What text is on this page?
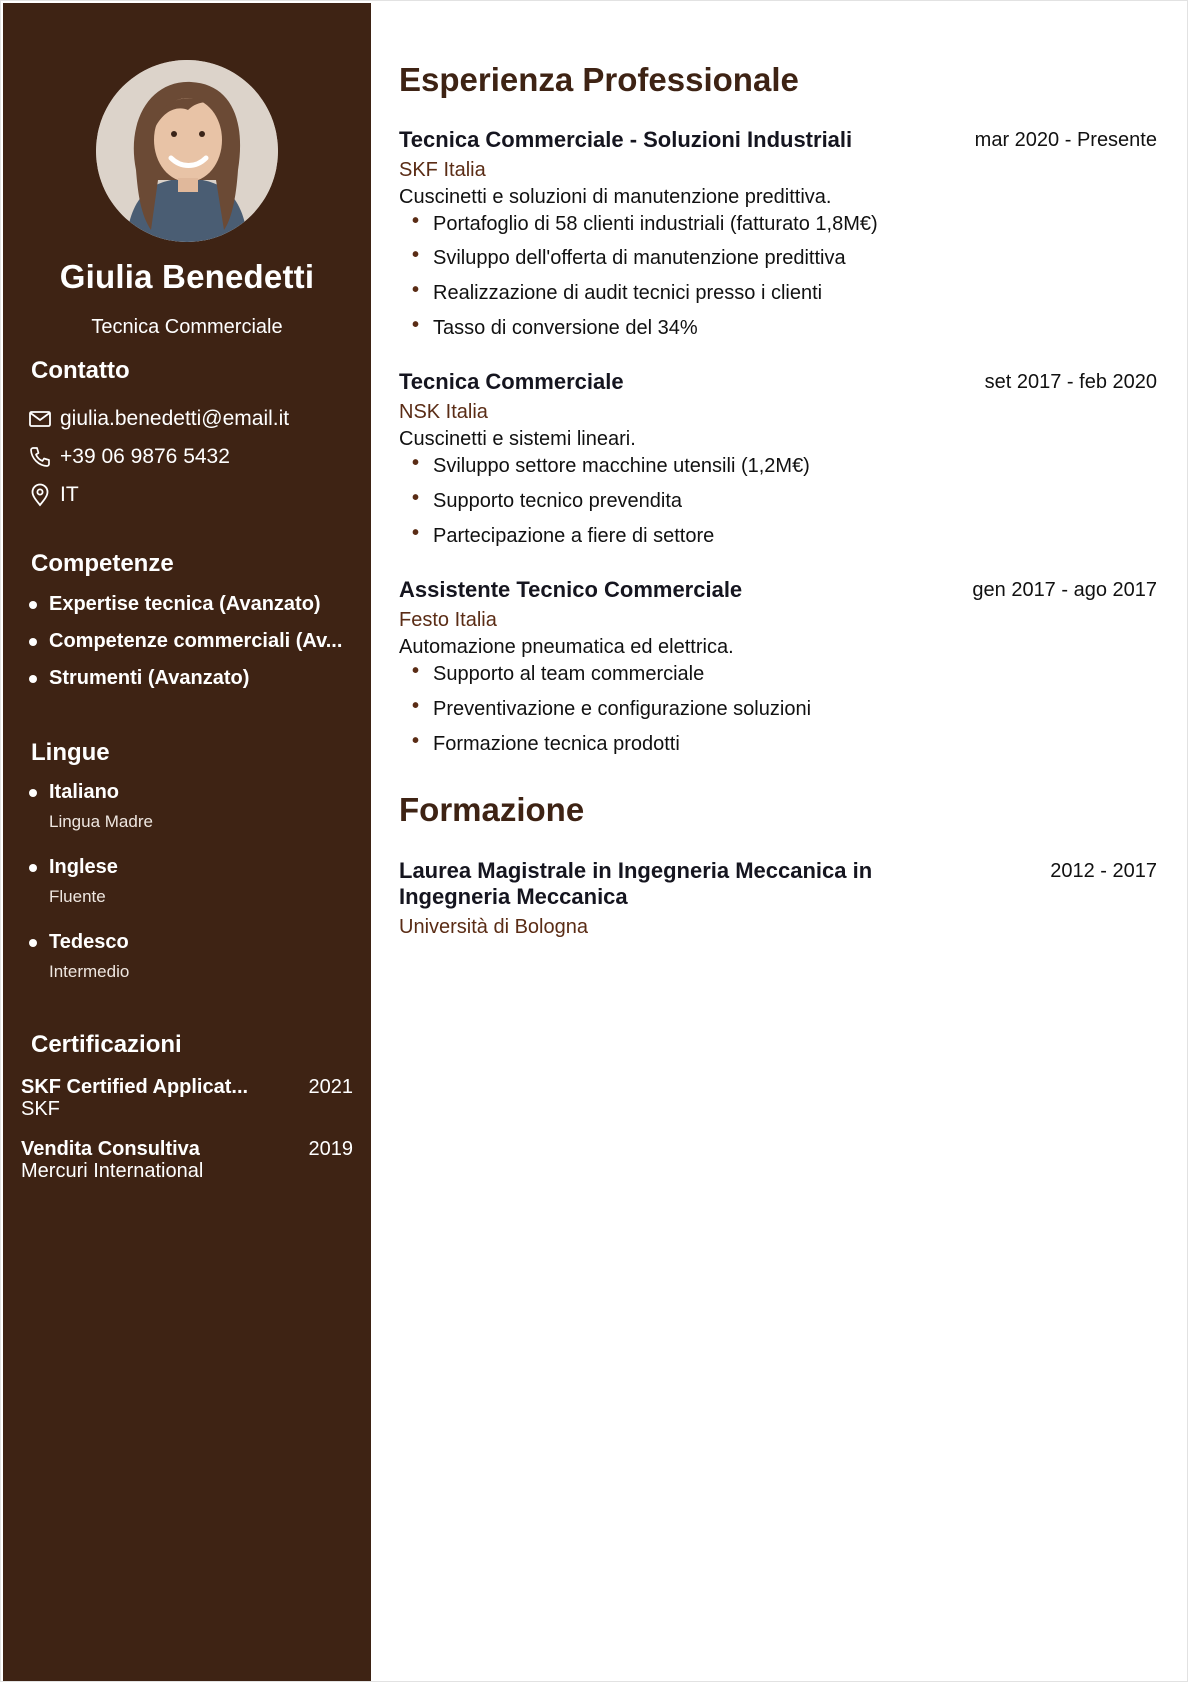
Giulia Benedetti
Tecnica Commerciale
Contatto
giulia.benedetti@email.it
+39 06 9876 5432
IT
Competenze
Expertise tecnica (Avanzato)
Competenze commerciali (Av...
Strumenti (Avanzato)
Lingue
Italiano
Lingua Madre
Inglese
Fluente
Tedesco
Intermedio
Certificazioni
SKF Certified Applicat...	2021
SKF
Vendita Consultiva	2019
Mercuri International
Esperienza Professionale
Tecnica Commerciale - Soluzioni Industriali	mar 2020 - Presente
SKF Italia
Cuscinetti e soluzioni di manutenzione predittiva.
• Portafoglio di 58 clienti industriali (fatturato 1,8M€)
• Sviluppo dell'offerta di manutenzione predittiva
• Realizzazione di audit tecnici presso i clienti
• Tasso di conversione del 34%
Tecnica Commerciale	set 2017 - feb 2020
NSK Italia
Cuscinetti e sistemi lineari.
• Sviluppo settore macchine utensili (1,2M€)
• Supporto tecnico prevendita
• Partecipazione a fiere di settore
Assistente Tecnico Commerciale	gen 2017 - ago 2017
Festo Italia
Automazione pneumatica ed elettrica.
• Supporto al team commerciale
• Preventivazione e configurazione soluzioni
• Formazione tecnica prodotti
Formazione
Laurea Magistrale in Ingegneria Meccanica in Ingegneria Meccanica
2012 - 2017
Università di Bologna
